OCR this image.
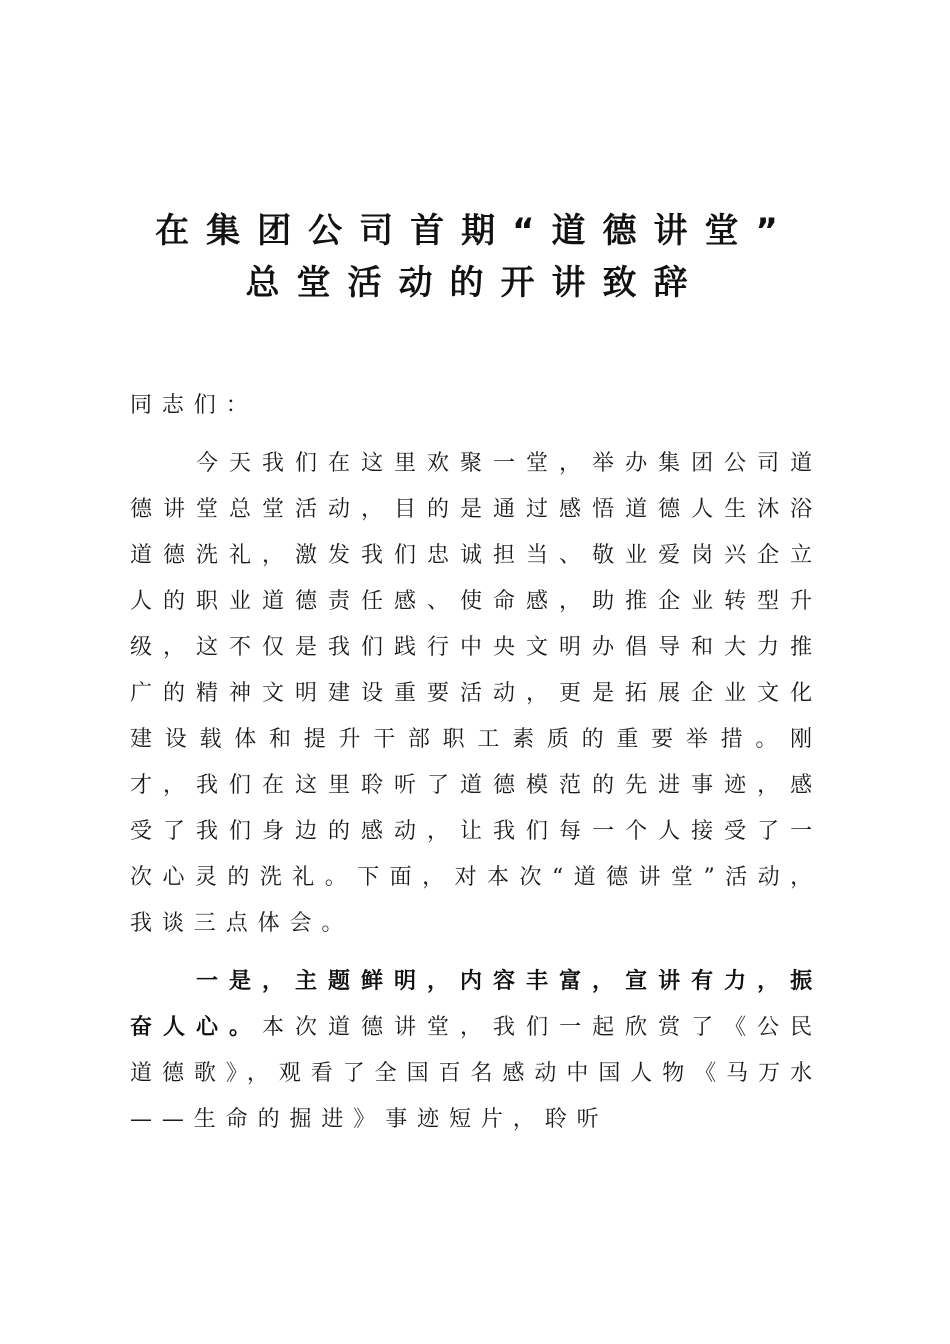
在集团公司首期“道德讲堂”
总堂活动的开讲致辞
同志们：

今天我们在这里欢聚一堂，举办集团公司道德讲堂总堂活动，目的是通过感悟道德人生沐浴道德洗礼，激发我们忠诚担当、敬业爱岗兴企立人的职业道德责任感、使命感，助推企业转型升级，这不仅是我们践行中央文明办倡导和大力推广的精神文明建设重要活动，更是拓展企业文化建设载体和提升干部职工素质的重要举措。刚才，我们在这里聆听了道德模范的先进事迹，感受了我们身边的感动，让我们每一个人接受了一次心灵的洗礼。下面，对本次“道德讲堂”活动，我谈三点体会。

一是，主题鲜明，内容丰富，宣讲有力，振奋人心。本次道德讲堂，我们一起欣赏了《公民道德歌》，观看了全国百名感动中国人物《马万水——生命的掘进》事迹短片，聆听
